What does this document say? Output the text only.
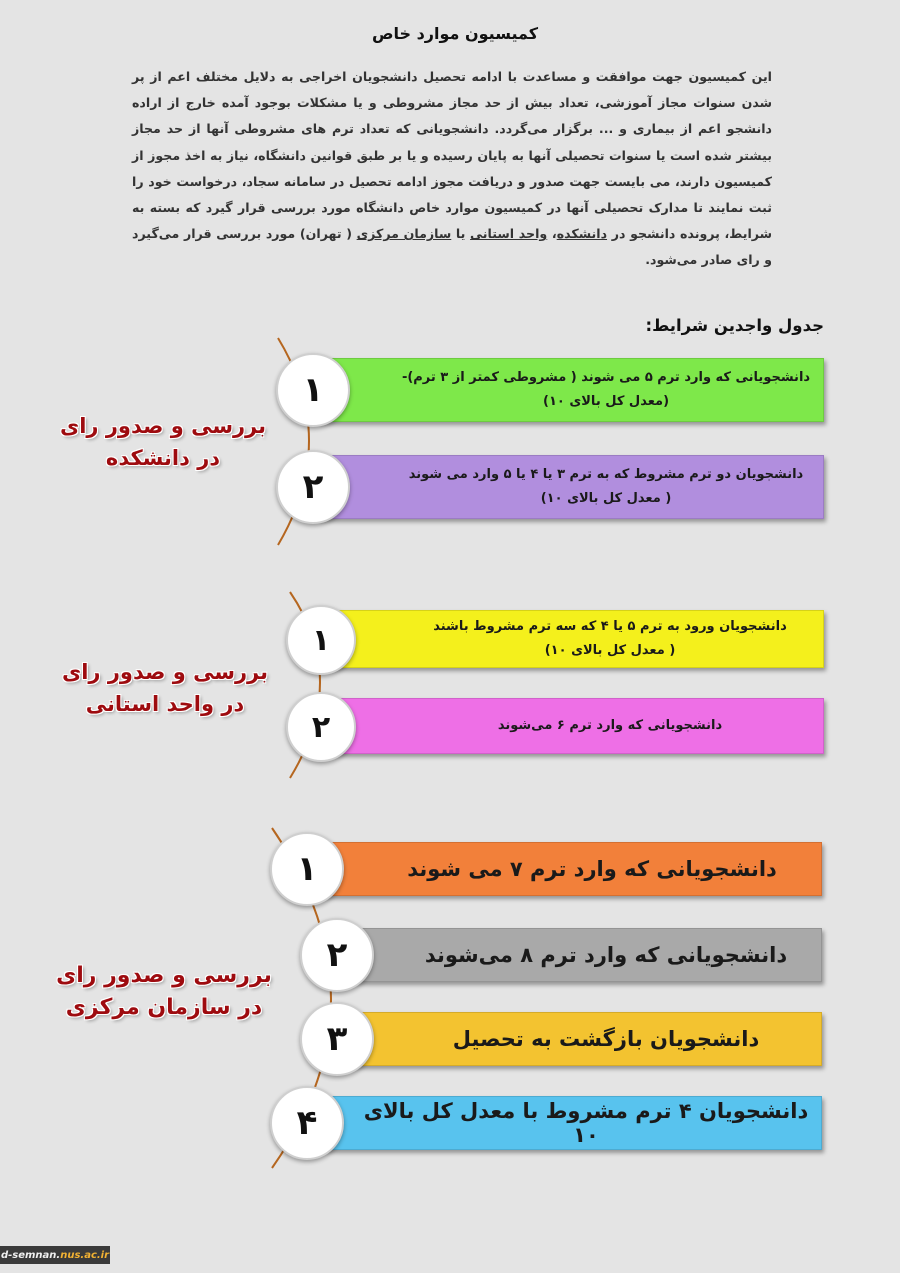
کمیسیون موارد خاص
این کمیسیون جهت موافقت و مساعدت با ادامه تحصیل دانشجویان اخراجی به دلایل مختلف اعم از پر شدن سنوات مجاز آموزشی، تعداد بیش از حد مجاز مشروطی و یا مشکلات بوجود آمده خارج از اراده دانشجو اعم از بیماری و ... برگزار می‌گردد. دانشجویانی که تعداد ترم های مشروطی آنها از حد مجاز بیشتر شده است یا سنوات تحصیلی آنها به پایان رسیده و یا بر طبق قوانین دانشگاه، نیاز به اخذ مجوز از کمیسیون دارند، می بایست جهت صدور و دریافت مجوز ادامه تحصیل در سامانه سجاد، درخواست خود را ثبت نمایند تا مدارک تحصیلی آنها در کمیسیون موارد خاص دانشگاه مورد بررسی قرار گیرد که بسته به شرایط، پرونده دانشجو در دانشکده، واحد استانی یا سازمان مرکزی ( تهران) مورد بررسی قرار می‌گیرد و رای صادر می‌شود.
جدول واجدین شرایط:
بررسی و صدور رای
در دانشکده
دانشجویانی که وارد ترم ۵ می شوند ( مشروطی کمتر از ۳ ترم)-
(معدل کل بالای ۱۰)
۱
دانشجویان دو ترم مشروط که به ترم ۳ یا ۴ یا ۵ وارد می شوند
( معدل کل بالای ۱۰)
۲
بررسی و صدور رای
در واحد استانی
دانشجویان ورود به ترم ۵ یا ۴ که سه ترم مشروط باشند
( معدل کل بالای ۱۰)
۱
دانشجویانی که وارد ترم ۶ می‌شوند
۲
بررسی و صدور رای
در سازمان مرکزی
دانشجویانی که وارد ترم ۷ می شوند
۱
دانشجویانی که وارد ترم ۸ می‌شوند
۲
دانشجویان بازگشت به تحصیل
۳
دانشجویان ۴ ترم مشروط با معدل کل بالای ۱۰
۴
d-semnan. nus.ac.ir
